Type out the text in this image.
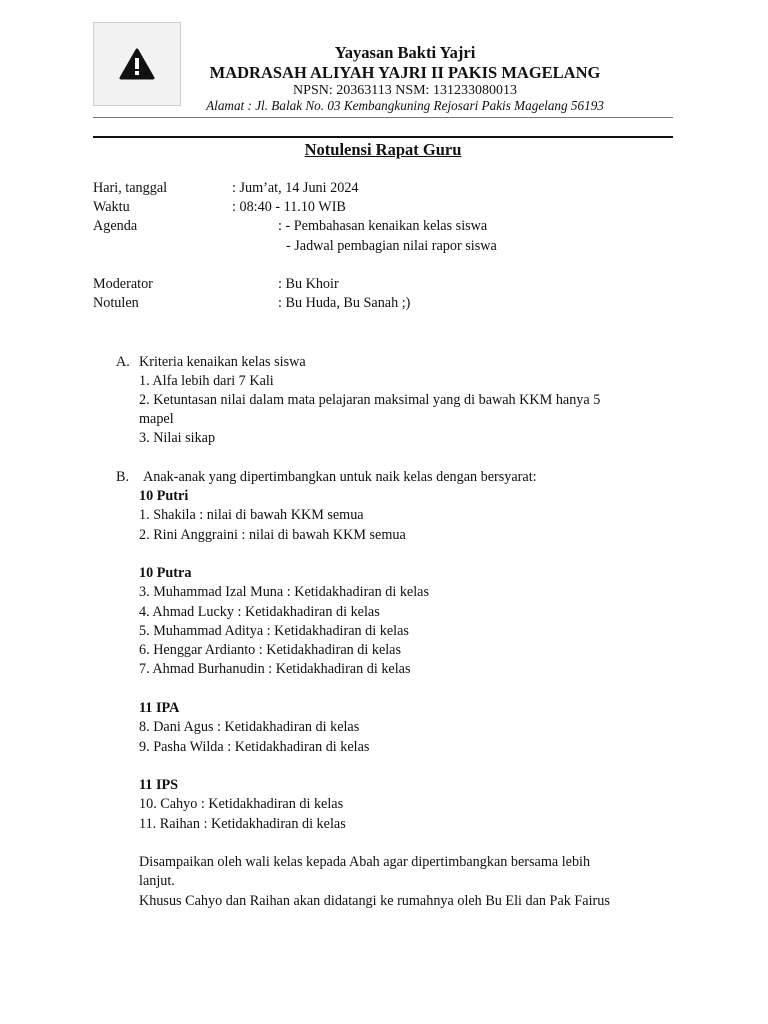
Yayasan Bakti Yajri
MADRASAH ALIYAH YAJRI II PAKIS MAGELANG
NPSN: 20363113 NSM: 131233080013
Alamat : Jl. Balak No. 03 Kembangkuning Rejosari Pakis Magelang 56193
Notulensi Rapat Guru
Hari, tanggal	: Jum’at, 14 Juni 2024
Waktu	: 08:40 - 11.10 WIB
Agenda	: - Pembahasan kenaikan kelas siswa
- Jadwal pembagian nilai rapor siswa
Moderator	: Bu Khoir
Notulen	: Bu Huda, Bu Sanah ;)
A. Kriteria kenaikan kelas siswa
1. Alfa lebih dari 7 Kali
2. Ketuntasan nilai dalam mata pelajaran maksimal yang di bawah KKM hanya 5
mapel
3. Nilai sikap
B. Anak-anak yang dipertimbangkan untuk naik kelas dengan bersyarat:
10 Putri
1. Shakila : nilai di bawah KKM semua
2. Rini Anggraini : nilai di bawah KKM semua
10 Putra
3. Muhammad Izal Muna : Ketidakhadiran di kelas
4. Ahmad Lucky : Ketidakhadiran di kelas
5. Muhammad Aditya : Ketidakhadiran di kelas
6. Henggar Ardianto : Ketidakhadiran di kelas
7. Ahmad Burhanudin : Ketidakhadiran di kelas
11 IPA
8. Dani Agus : Ketidakhadiran di kelas
9. Pasha Wilda : Ketidakhadiran di kelas
11 IPS
10. Cahyo : Ketidakhadiran di kelas
11. Raihan : Ketidakhadiran di kelas
Disampaikan oleh wali kelas kepada Abah agar dipertimbangkan bersama lebih
lanjut.
Khusus Cahyo dan Raihan akan didatangi ke rumahnya oleh Bu Eli dan Pak Fairus
